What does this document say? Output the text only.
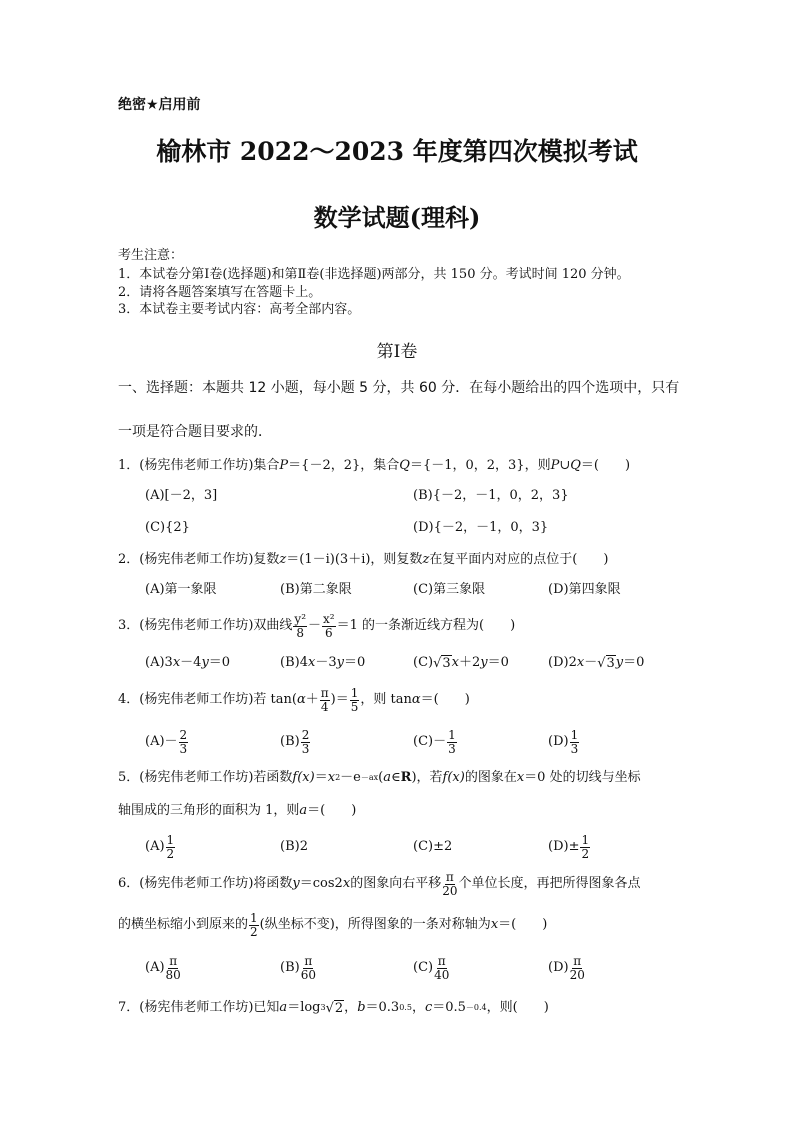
绝密★启用前
榆林市 2022～2023 年度第四次模拟考试
数学试题(理科)
考生注意：
1．本试卷分第Ⅰ卷(选择题)和第Ⅱ卷(非选择题)两部分，共 150 分。考试时间 120 分钟。
2．请将各题答案填写在答题卡上。
3．本试卷主要考试内容：高考全部内容。
第Ⅰ卷
一、选择题：本题共 12 小题，每小题 5 分，共 60 分．在每小题给出的四个选项中，只有
一项是符合题目要求的．
1．(杨宪伟老师工作坊)集合 P ＝{－2，2}，集合 Q ＝{－1，0，2，3}，则 P ∪ Q ＝(　　)
(A)[－2，3]	(B){－2，－1，0，2，3}
(C){2}	(D){－2，－1，0，3}
2．(杨宪伟老师工作坊)复数 z ＝(1－i)(3＋i)，则复数 z 在复平面内对应的点位于(　　)
(A)第一象限	(B)第二象限	(C)第三象限	(D)第四象限
3．(杨宪伟老师工作坊)双曲线 $\frac{\text{y²}}{8} - \frac{\text{x²}}{6} =1$ 的一条渐近线方程为(　　)
(A)3 x －4 y ＝0	(B)4 x －3 y ＝0	(C) √ 3 x ＋2 y ＝0	(D)2 x － √ 3 y ＝0
4．(杨宪伟老师工作坊)若 tan( $\alpha + \frac{\pi}{4}$ )＝ $\frac{1}{5}$ ，则 tan α ＝(　　)
$(A)- \frac{2}{3}$	$(B) \frac{2}{3}$	$(C)- \frac{1}{3}$	$(D) \frac{1}{3}$
5．(杨宪伟老师工作坊)若函数 f(x) ＝ x 2 －e －ax ( a ∈ R )，若 f(x) 的图象在 x ＝0 处的切线与坐标
轴围成的三角形的面积为 1，则 a ＝(　　)
$(A) \frac{1}{2}$	(B)2	(C)±2	$(D)\pm \frac{1}{2}$
6．(杨宪伟老师工作坊)将函数 y ＝cos2 x 的图象向右平移 $\frac{\pi}{20}$ 个单位长度，再把所得图象各点
的横坐标缩小到原来的 $\frac{1}{2}$ (纵坐标不变)，所得图象的一条对称轴为 x ＝(　　)
$(A) \frac{\pi}{80}$	$(B) \frac{\pi}{60}$	$(C) \frac{\pi}{40}$	$(D) \frac{\pi}{20}$
7．(杨宪伟老师工作坊)已知 a ＝log 3 √ 2 ， b ＝0.3 0.5 ， c ＝0.5 －0.4 ，则(　　)
